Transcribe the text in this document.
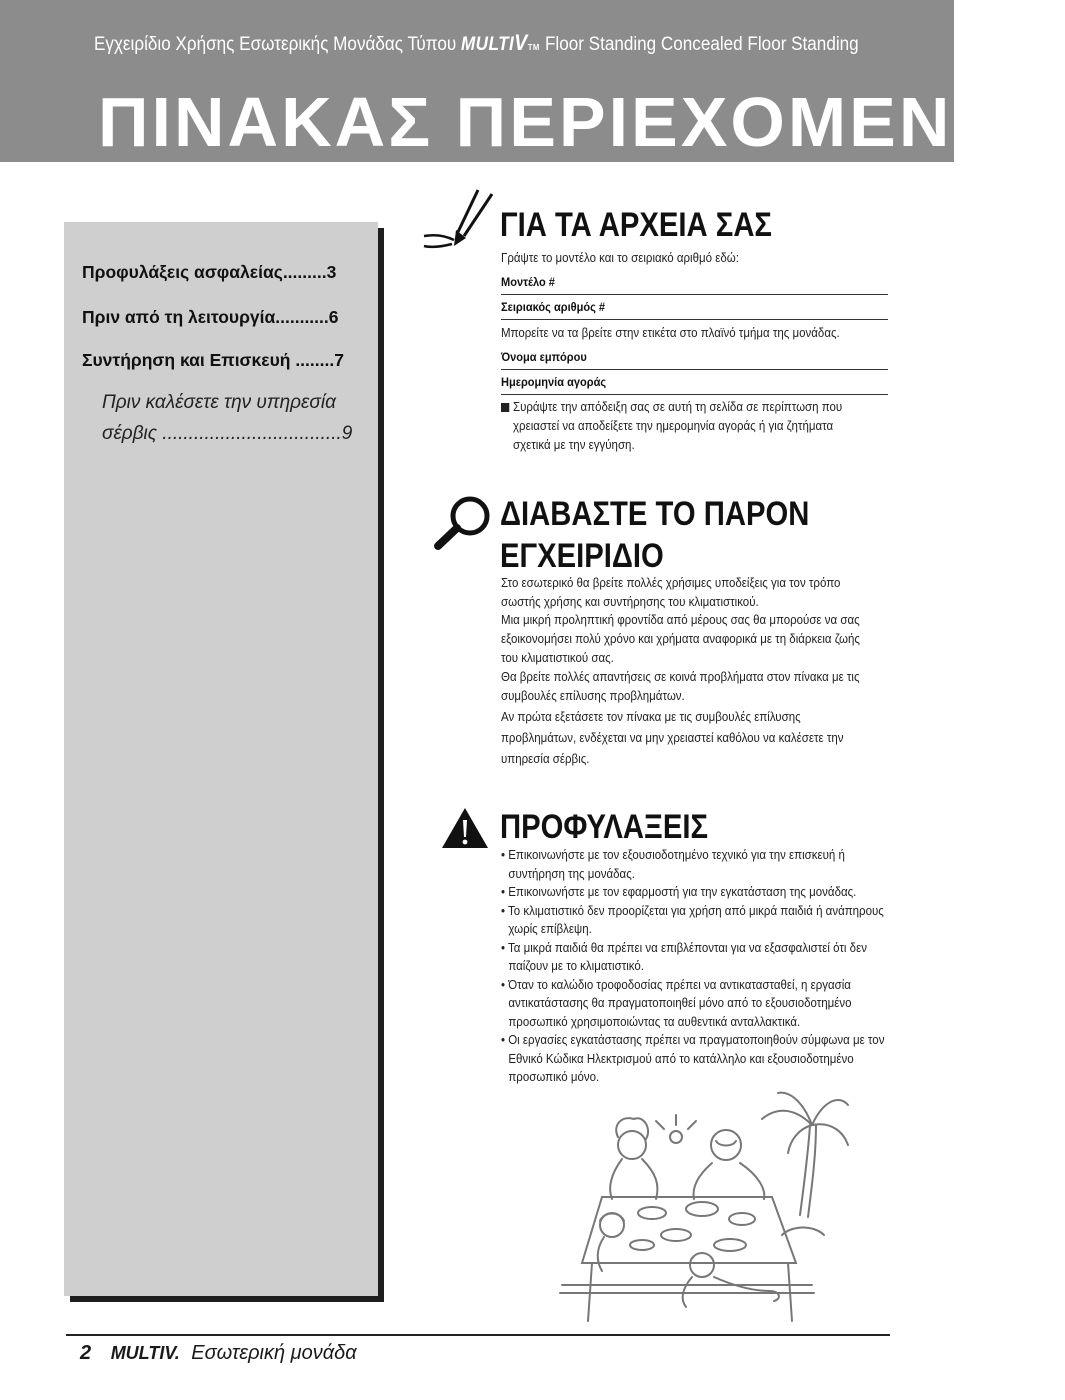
Εγχειρίδιο Χρήσης Εσωτερικής Μονάδας Τύπου MULTIVTM Floor Standing Concealed Floor Standing
ΠΙΝΑΚΑΣ ΠΕΡΙΕΧΟΜΕΝΩΝ
Προφυλάξεις ασφαλείας.........3
Πριν από τη λειτουργία...........6
Συντήρηση και Επισκευή ........7
Πριν καλέσετε την υπηρεσία
σέρβις ..................................9
ΓΙΑ ΤΑ ΑΡΧΕΙΑ ΣΑΣ
Γράψτε το μοντέλο και το σειριακό αριθμό εδώ:
Μοντέλο #
Σειριακός αριθμός #
Μπορείτε να τα βρείτε στην ετικέτα στο πλαϊνό τμήμα της μονάδας.
Όνομα εμπόρου
Ημερομηνία αγοράς
Συράψτε την απόδειξη σας σε αυτή τη σελίδα σε περίπτωση που
χρειαστεί να αποδείξετε την ημερομηνία αγοράς ή για ζητήματα
σχετικά με την εγγύηση.
ΔΙΑΒΑΣΤΕ ΤΟ ΠΑΡΟΝ
ΕΓΧΕΙΡΙΔΙΟ
Στο εσωτερικό θα βρείτε πολλές χρήσιμες υποδείξεις για τον τρόπο
σωστής χρήσης και συντήρησης του κλιματιστικού.
Μια μικρή προληπτική φροντίδα από μέρους σας θα μπορούσε να σας
εξοικονομήσει πολύ χρόνο και χρήματα αναφορικά με τη διάρκεια ζωής
του κλιματιστικού σας.
Θα βρείτε πολλές απαντήσεις σε κοινά προβλήματα στον πίνακα με τις
συμβουλές επίλυσης προβλημάτων.
Αν πρώτα εξετάσετε τον πίνακα με τις συμβουλές επίλυσης
προβλημάτων, ενδέχεται να μην χρειαστεί καθόλου να καλέσετε την
υπηρεσία σέρβις.
ΠΡΟΦΥΛΑΞΕΙΣ
• Επικοινωνήστε με τον εξουσιοδοτημένο τεχνικό για την επισκευή ή συντήρηση της μονάδας.
• Επικοινωνήστε με τον εφαρμοστή για την εγκατάσταση της μονάδας.
• Το κλιματιστικό δεν προορίζεται για χρήση από μικρά παιδιά ή ανάπηρους χωρίς επίβλεψη.
• Τα μικρά παιδιά θα πρέπει να επιβλέπονται για να εξασφαλιστεί ότι δεν παίζουν με το κλιματιστικό.
• Όταν το καλώδιο τροφοδοσίας πρέπει να αντικατασταθεί, η εργασία αντικατάστασης θα πραγματοποιηθεί μόνο από το εξουσιοδοτημένο προσωπικό χρησιμοποιώντας τα αυθεντικά ανταλλακτικά.
• Οι εργασίες εγκατάστασης πρέπει να πραγματοποιηθούν σύμφωνα με τον Εθνικό Κώδικα Ηλεκτρισμού από το κατάλληλο και εξουσιοδοτημένο προσωπικό μόνο.
2 MULTIV. Εσωτερική μονάδα
